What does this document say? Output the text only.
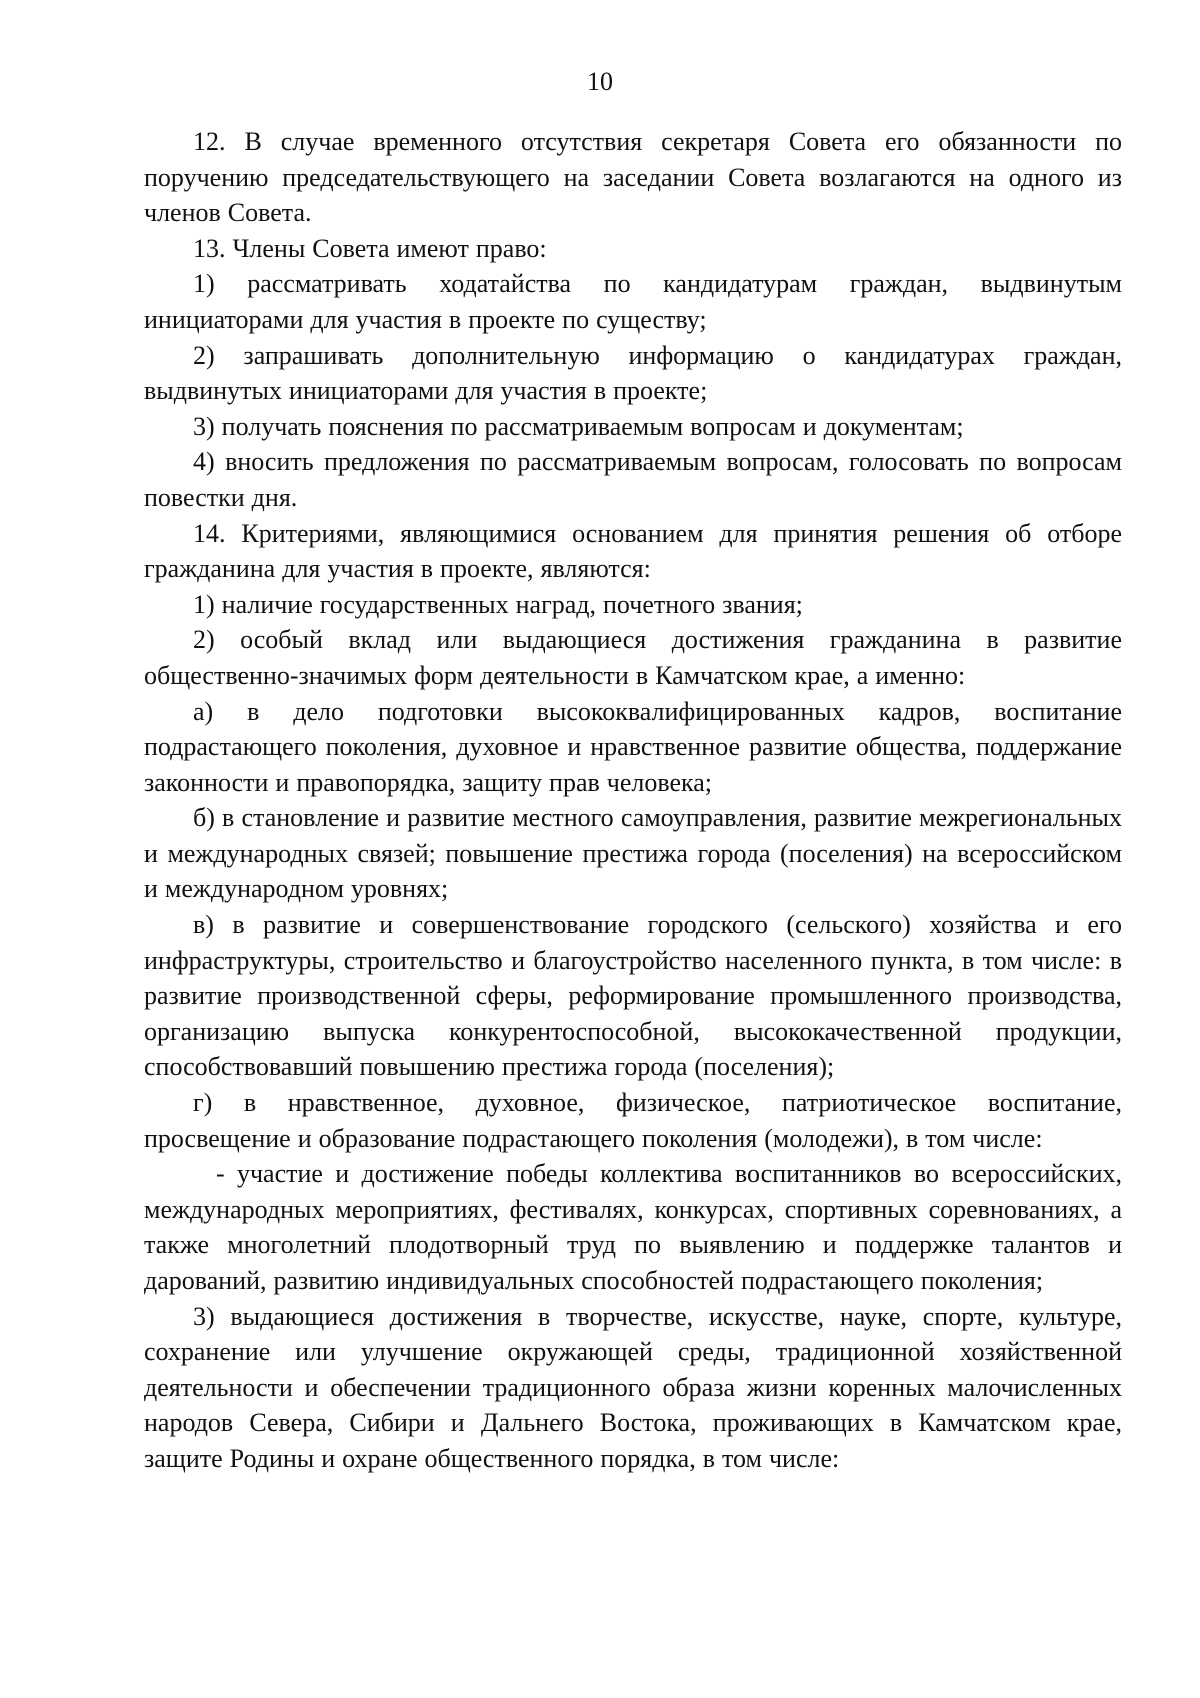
10

12. В случае временного отсутствия секретаря Совета его обязанности по поручению председательствующего на заседании Совета возлагаются на одного из членов Совета.

13. Члены Совета имеют право:

1) рассматривать ходатайства по кандидатурам граждан, выдвинутым инициаторами для участия в проекте по существу;

2) запрашивать дополнительную информацию о кандидатурах граждан, выдвинутых инициаторами для участия в проекте;

3) получать пояснения по рассматриваемым вопросам и документам;

4) вносить предложения по рассматриваемым вопросам, голосовать по вопросам повестки дня.

14. Критериями, являющимися основанием для принятия решения об отборе гражданина для участия в проекте, являются:

1) наличие государственных наград, почетного звания;

2) особый вклад или выдающиеся достижения гражданина в развитие общественно-значимых форм деятельности в Камчатском крае, а именно:

а) в дело подготовки высококвалифицированных кадров, воспитание подрастающего поколения, духовное и нравственное развитие общества, поддержание законности и правопорядка, защиту прав человека;

б) в становление и развитие местного самоуправления, развитие межрегиональных и международных связей; повышение престижа города (поселения) на всероссийском и международном уровнях;

в) в развитие и совершенствование городского (сельского) хозяйства и его инфраструктуры, строительство и благоустройство населенного пункта, в том числе: в развитие производственной сферы, реформирование промышленного производства, организацию выпуска конкурентоспособной, высококачественной продукции, способствовавший повышению престижа города (поселения);

г) в нравственное, духовное, физическое, патриотическое воспитание, просвещение и образование подрастающего поколения (молодежи), в том числе:

- участие и достижение победы коллектива воспитанников во всероссийских, международных мероприятиях, фестивалях, конкурсах, спортивных соревнованиях, а также многолетний плодотворный труд по выявлению и поддержке талантов и дарований, развитию индивидуальных способностей подрастающего поколения;

3) выдающиеся достижения в творчестве, искусстве, науке, спорте, культуре, сохранение или улучшение окружающей среды, традиционной хозяйственной деятельности и обеспечении традиционного образа жизни коренных малочисленных народов Севера, Сибири и Дальнего Востока, проживающих в Камчатском крае, защите Родины и охране общественного порядка, в том числе:
